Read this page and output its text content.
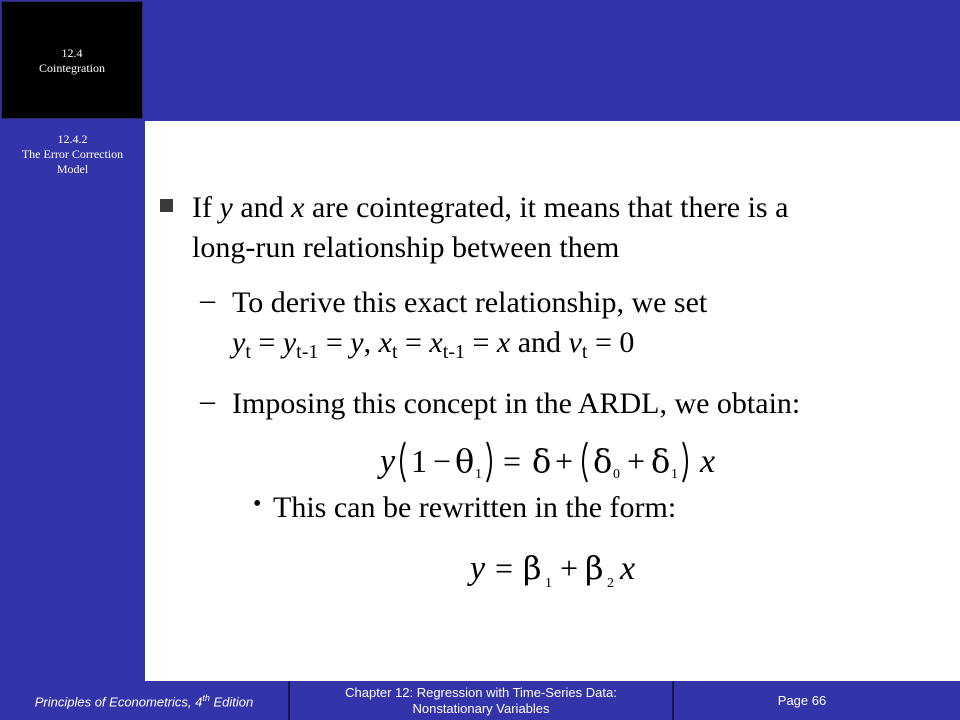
12.4
Cointegration
12.4.2
The Error Correction
Model
If y and x are cointegrated, it means that there is a
long-run relationship between them
– To derive this exact relationship, we set
$y_t = y_{t-1} = y$, $x_t = x_{t-1} = x$ and $v_t = 0$
– Imposing this concept in the ARDL, we obtain:
y 1 − θ 1 = δ + δ 0 + δ 1 x
• This can be rewritten in the form:
y = β 1 + β 2 x
Principles of Econometrics, 4th Edition
Chapter 12: Regression with Time-Series Data:
Nonstationary Variables
Page 66
